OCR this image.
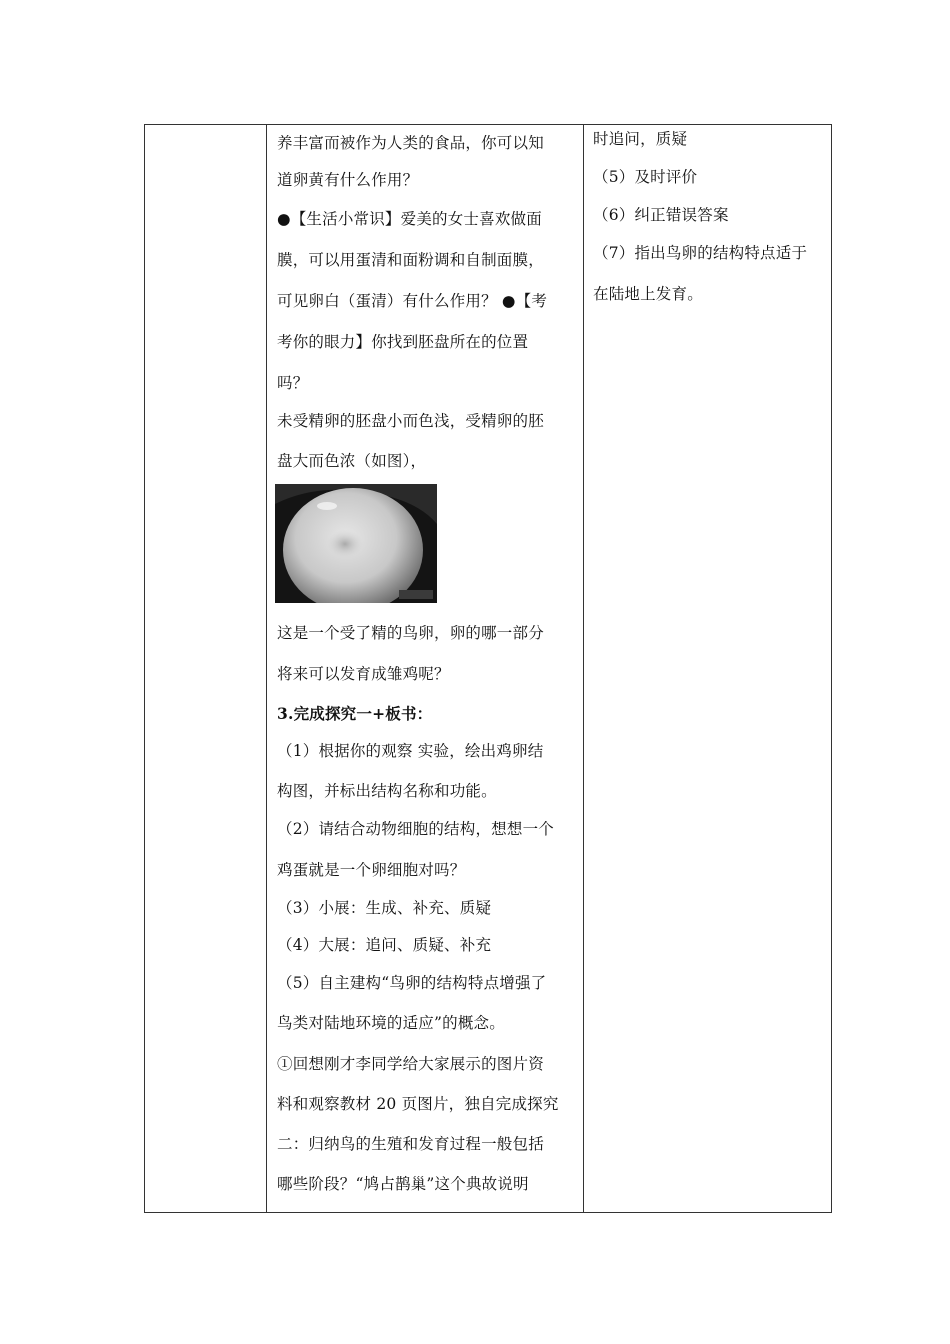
养丰富而被作为人类的食品，你可以知
道卵黄有什么作用？
●【生活小常识】爱美的女士喜欢做面
膜，可以用蛋清和面粉调和自制面膜，
可见卵白（蛋清）有什么作用？ ●【考
考你的眼力】你找到胚盘所在的位置
吗？
未受精卵的胚盘小而色浅，受精卵的胚
盘大而色浓（如图），
这是一个受了精的鸟卵，卵的哪一部分
将来可以发育成雏鸡呢？
3.完成探究一+板书：
（1）根据你的观察 实验，绘出鸡卵结
构图，并标出结构名称和功能。
（2）请结合动物细胞的结构，想想一个
鸡蛋就是一个卵细胞对吗？
（3）小展：生成、补充、质疑
（4）大展：追问、质疑、补充
（5）自主建构“鸟卵的结构特点增强了
鸟类对陆地环境的适应”的概念。
①回想刚才李同学给大家展示的图片资
料和观察教材 20 页图片，独自完成探究
二：归纳鸟的生殖和发育过程一般包括
哪些阶段？“鸠占鹊巢”这个典故说明
时追问，质疑
（5）及时评价
（6）纠正错误答案
（7）指出鸟卵的结构特点适于
在陆地上发育。
